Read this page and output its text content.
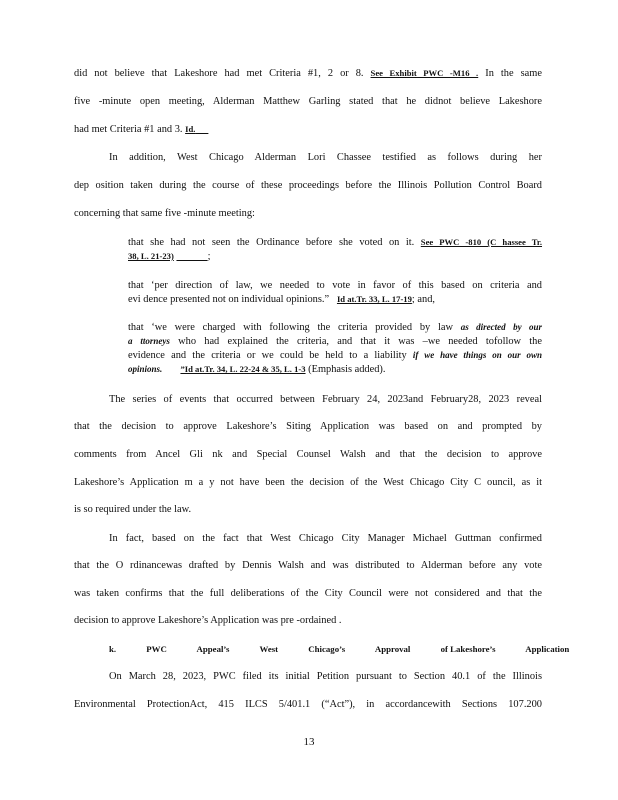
did not believe that Lakeshore had met Criteria #1, 2 or 8. See Exhibit PWC -M16 . In the same
five -minute open meeting, Alderman Matthew Garling stated that he didnot believe Lakeshore
had met Criteria #1 and 3. Id.
In addition, West Chicago Alderman Lori Chassee testified as follows during her
dep osition taken during the course of these proceedings before the Illinois Pollution Control Board
concerning that same five -minute meeting:
that she had not seen the Ordinance before she voted on it. See PWC -810 (C hassee Tr.
38, L. 21-23)	;
that ‘per direction of law, we needed to vote in favor of this based on criteria and
evi dence presented not on individual opinions.” Id at.Tr. 33, L. 17-19; and,
that ‘we were charged with following the criteria provided by law as directed by our
a ttorneys who had explained the criteria, and that it was –we needed tofollow the
evidence and the criteria or we could be held to a liability if we have things on our own
opinions. ”Id at.Tr. 34, L. 22-24 & 35, L. 1-3 (Emphasis added).
The series of events that occurred between February 24, 2023and February28, 2023 reveal
that the decision to approve Lakeshore’s Siting Application was based on and prompted by
comments from Ancel Gli nk and Special Counsel Walsh and that the decision to approve
Lakeshore’s Application m a y not have been the decision of the West Chicago City C ouncil, as it
is so required under the law.
In fact, based on the fact that West Chicago City Manager Michael Guttman confirmed
that the O rdinancewas drafted by Dennis Walsh and was distributed to Alderman before any vote
was taken confirms that the full deliberations of the City Council were not considered and that the
decision to approve Lakeshore’s Application was pre -ordained .
k.	PWC	Appeal’s	West	Chicago’s	Approval	of Lakeshore’s	Application
On March 28, 2023, PWC filed its initial Petition pursuant to Section 40.1 of the Illinois
Environmental ProtectionAct, 415 ILCS 5/401.1 (“Act”), in accordancewith Sections 107.200
13
